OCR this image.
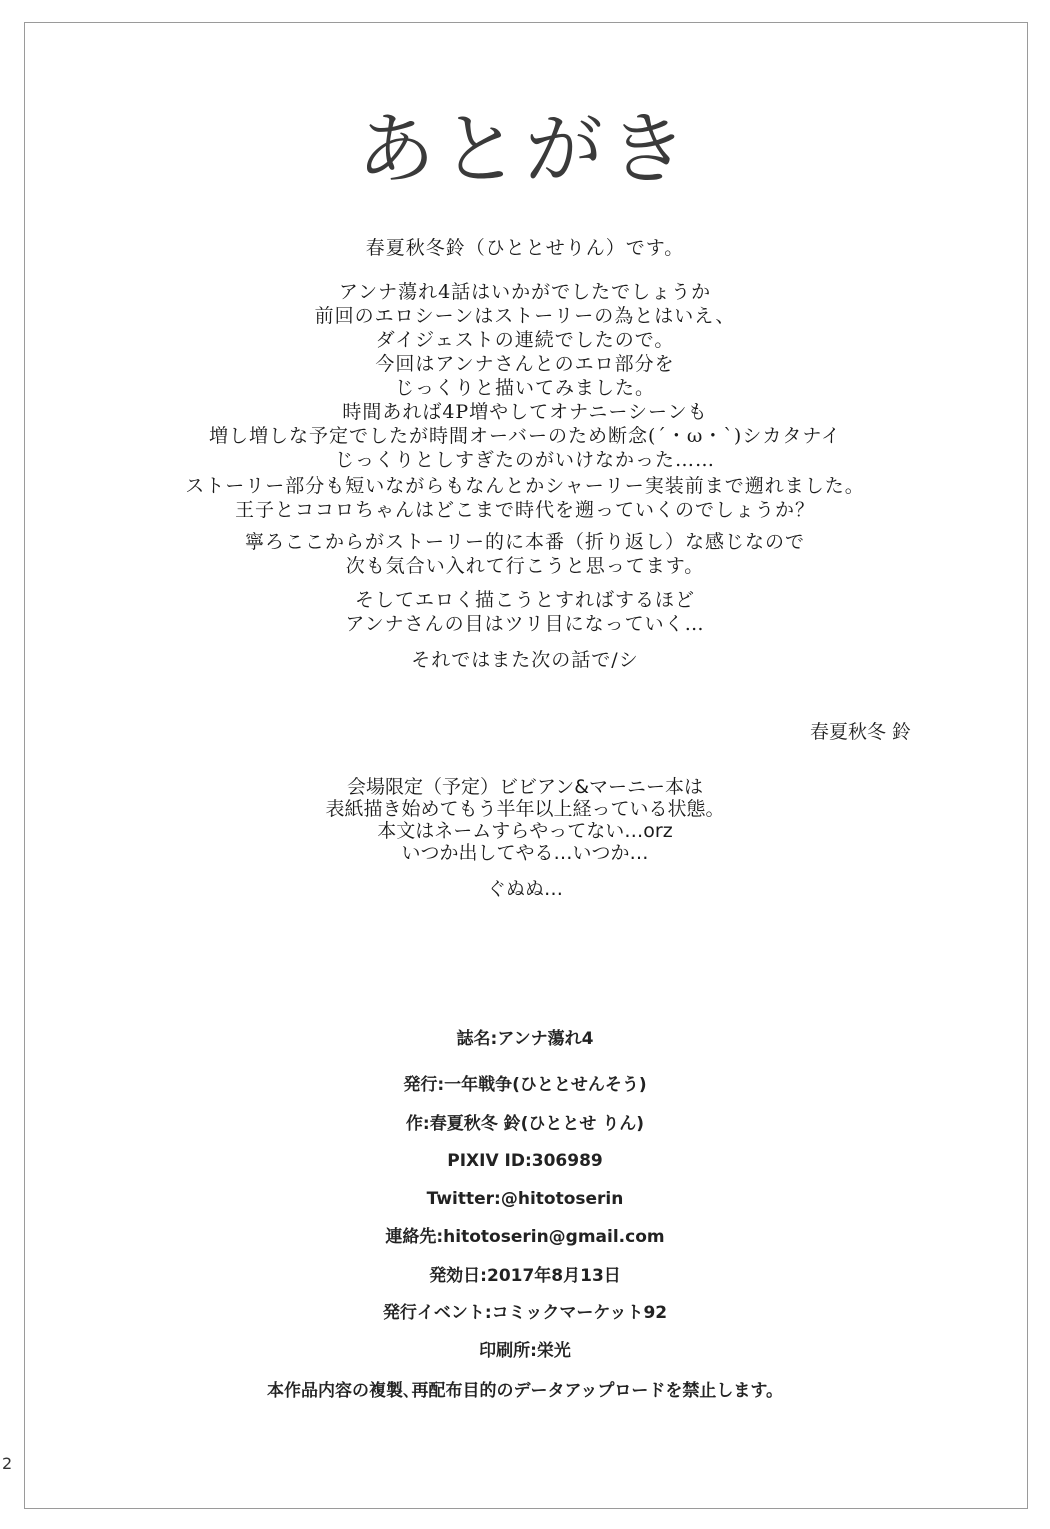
あとがき
春夏秋冬鈴（ひととせりん）です。
アンナ蕩れ4話はいかがでしたでしょうか
前回のエロシーンはストーリーの為とはいえ、
ダイジェストの連続でしたので。
今回はアンナさんとのエロ部分を
じっくりと描いてみました。
時間あれば4P増やしてオナニーシーンも
増し増しな予定でしたが時間オーバーのため断念(´・ω・`)シカタナイ
じっくりとしすぎたのがいけなかった……
ストーリー部分も短いながらもなんとかシャーリー実装前まで遡れました。
王子とココロちゃんはどこまで時代を遡っていくのでしょうか？
寧ろここからがストーリー的に本番（折り返し）な感じなので
次も気合い入れて行こうと思ってます。
そしてエロく描こうとすればするほど
アンナさんの目はツリ目になっていく…
それではまた次の話で/シ
春夏秋冬 鈴
会場限定（予定）ビビアン&マーニー本は
表紙描き始めてもう半年以上経っている状態。
本文はネームすらやってない…orz
いつか出してやる…いつか…
ぐぬぬ…
誌名:アンナ蕩れ4
発行:一年戦争(ひととせんそう)
作:春夏秋冬 鈴(ひととせ りん)
PIXIV ID:306989
Twitter:@hitotoserin
連絡先:hitotoserin@gmail.com
発効日:2017年8月13日
発行イベント:コミックマーケット92
印刷所:栄光
本作品内容の複製､再配布目的のデータアップロードを禁止します。
2
